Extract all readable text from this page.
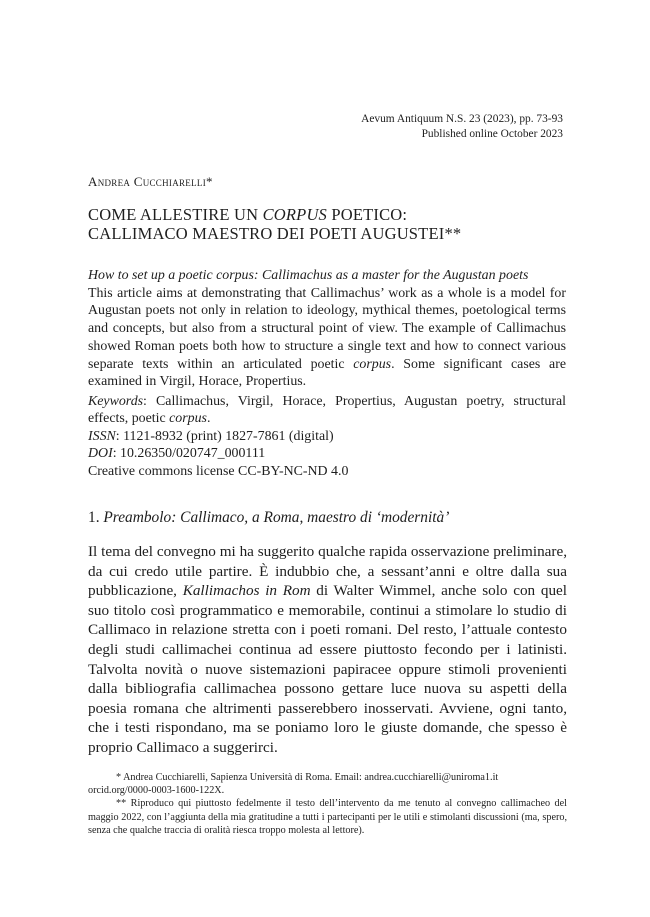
Aevum Antiquum N.S. 23 (2023), pp. 73-93
Published online October 2023
Andrea Cucchiarelli*
COME ALLESTIRE UN CORPUS POETICO:
CALLIMACO MAESTRO DEI POETI AUGUSTEI**

How to set up a poetic corpus: Callimachus as a master for the Augustan poets

This article aims at demonstrating that Callimachus’ work as a whole is a model for Augustan poets not only in relation to ideology, mythical themes, poetological terms and concepts, but also from a structural point of view. The example of Callimachus showed Roman poets both how to structure a single text and how to connect various separate texts within an articulated poetic corpus. Some significant cases are examined in Virgil, Horace, Propertius.

Keywords: Callimachus, Virgil, Horace, Propertius, Augustan poetry, structural effects, poetic corpus.
ISSN: 1121-8932 (print) 1827-7861 (digital)
DOI: 10.26350/020747_000111
Creative commons license CC-BY-NC-ND 4.0
1. Preambolo: Callimaco, a Roma, maestro di ‘modernità’
Il tema del convegno mi ha suggerito qualche rapida osservazione preliminare, da cui credo utile partire. È indubbio che, a sessant’anni e oltre dalla sua pubblicazione, Kallimachos in Rom di Walter Wimmel, anche solo con quel suo titolo così programmatico e memorabile, continui a stimolare lo studio di Callimaco in relazione stretta con i poeti romani. Del resto, l’attuale contesto degli studi callimachei continua ad essere piuttosto fecondo per i latinisti. Talvolta novità o nuove sistemazioni papiracee oppure stimoli provenienti dalla bibliografia callimachea possono gettare luce nuova su aspetti della poesia romana che altrimenti passerebbero inosservati. Avviene, ogni tanto, che i testi rispondano, ma se poniamo loro le giuste domande, che spesso è proprio Callimaco a suggerirci.
* Andrea Cucchiarelli, Sapienza Università di Roma. Email: andrea.cucchiarelli@uniroma1.it
orcid.org/0000-0003-1600-122X.
** Riproduco qui piuttosto fedelmente il testo dell’intervento da me tenuto al convegno callimacheo del maggio 2022, con l’aggiunta della mia gratitudine a tutti i partecipanti per le utili e stimolanti discussioni (ma, spero, senza che qualche traccia di oralità riesca troppo molesta al lettore).
